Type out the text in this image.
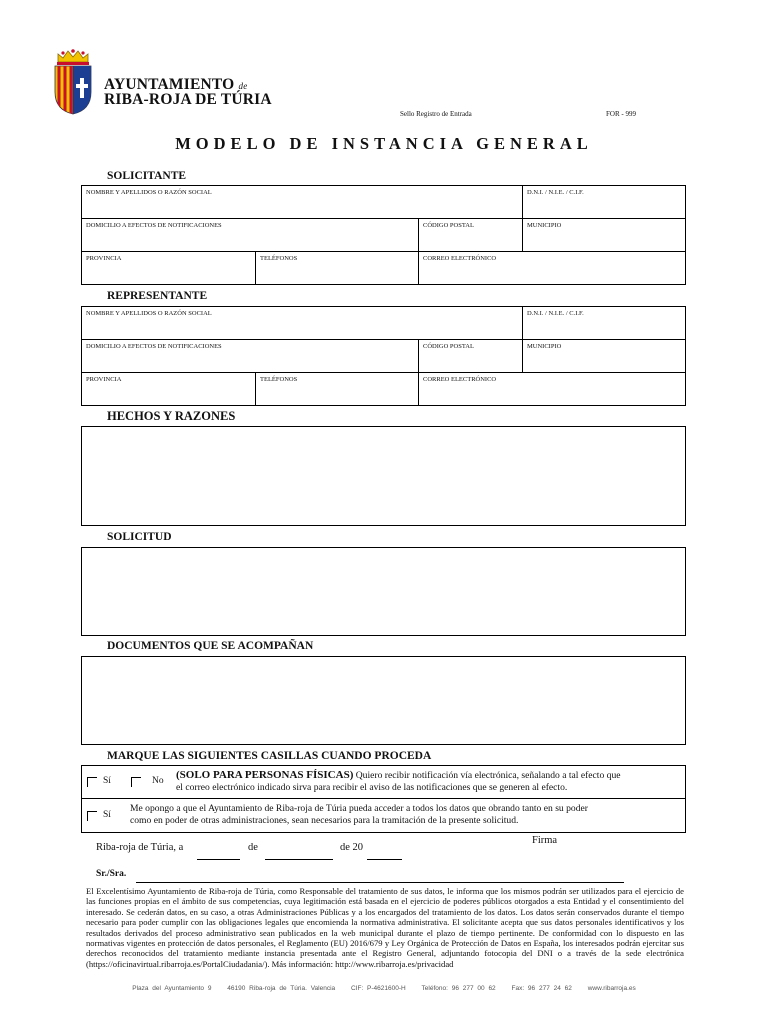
AYUNTAMIENTO de
RIBA-ROJA DE TÚRIA
Sello Registro de Entrada	FOR - 999
MODELO DE INSTANCIA GENERAL
SOLICITANTE
NOMBRE Y APELLIDOS O RAZÓN SOCIAL	D.N.I. / N.I.E. / C.I.F.
DOMICILIO A EFECTOS DE NOTIFICACIONES	CÓDIGO POSTAL	MUNICIPIO
PROVINCIA	TELÉFONOS	CORREO ELECTRÓNICO
REPRESENTANTE
NOMBRE Y APELLIDOS O RAZÓN SOCIAL	D.N.I. / N.I.E. / C.I.F.
DOMICILIO A EFECTOS DE NOTIFICACIONES	CÓDIGO POSTAL	MUNICIPIO
PROVINCIA	TELÉFONOS	CORREO ELECTRÓNICO
HECHOS Y RAZONES
SOLICITUD
DOCUMENTOS QUE SE ACOMPAÑAN
MARQUE LAS SIGUIENTES CASILLAS CUANDO PROCEDA
Sí	No (SOLO PARA PERSONAS FÍSICAS) Quiero recibir notificación vía electrónica, señalando a tal efecto que
el correo electrónico indicado sirva para recibir el aviso de las notificaciones que se generen al efecto.
Sí
Me opongo a que el Ayuntamiento de Riba-roja de Túria pueda acceder a todos los datos que obrando tanto en su poder
como en poder de otras administraciones, sean necesarios para la tramitación de la presente solicitud.
Riba-roja de Túria, a	de	de 20
Firma
Sr./Sra.
El Excelentísimo Ayuntamiento de Riba-roja de Túria, como Responsable del tratamiento de sus datos, le informa que los mismos podrán ser utilizados para el ejercicio de las funciones propias en el ámbito de sus competencias, cuya legitimación está basada en el ejercicio de poderes públicos otorgados a esta Entidad y el consentimiento del interesado. Se cederán datos, en su caso, a otras Administraciones Públicas y a los encargados del tratamiento de los datos. Los datos serán conservados durante el tiempo necesario para poder cumplir con las obligaciones legales que encomienda la normativa administrativa. El solicitante acepta que sus datos personales identificativos y los resultados derivados del proceso administrativo sean publicados en la web municipal durante el plazo de tiempo pertinente. De conformidad con lo dispuesto en las normativas vigentes en protección de datos personales, el Reglamento (EU) 2016/679 y Ley Orgánica de Protección de Datos en España, los interesados podrán ejercitar sus derechos reconocidos del tratamiento mediante instancia presentada ante el Registro General, adjuntando fotocopia del DNI o a través de la sede electrónica (https://oficinavirtual.ribarroja.es/PortalCiudadania/). Más información: http://www.ribarroja.es/privacidad
Plaza del Ayuntamiento 9 46190 Riba-roja de Túria. Valencia CIF: P-4621600-H Teléfono: 96 277 00 62 Fax: 96 277 24 62 www.ribarroja.es
